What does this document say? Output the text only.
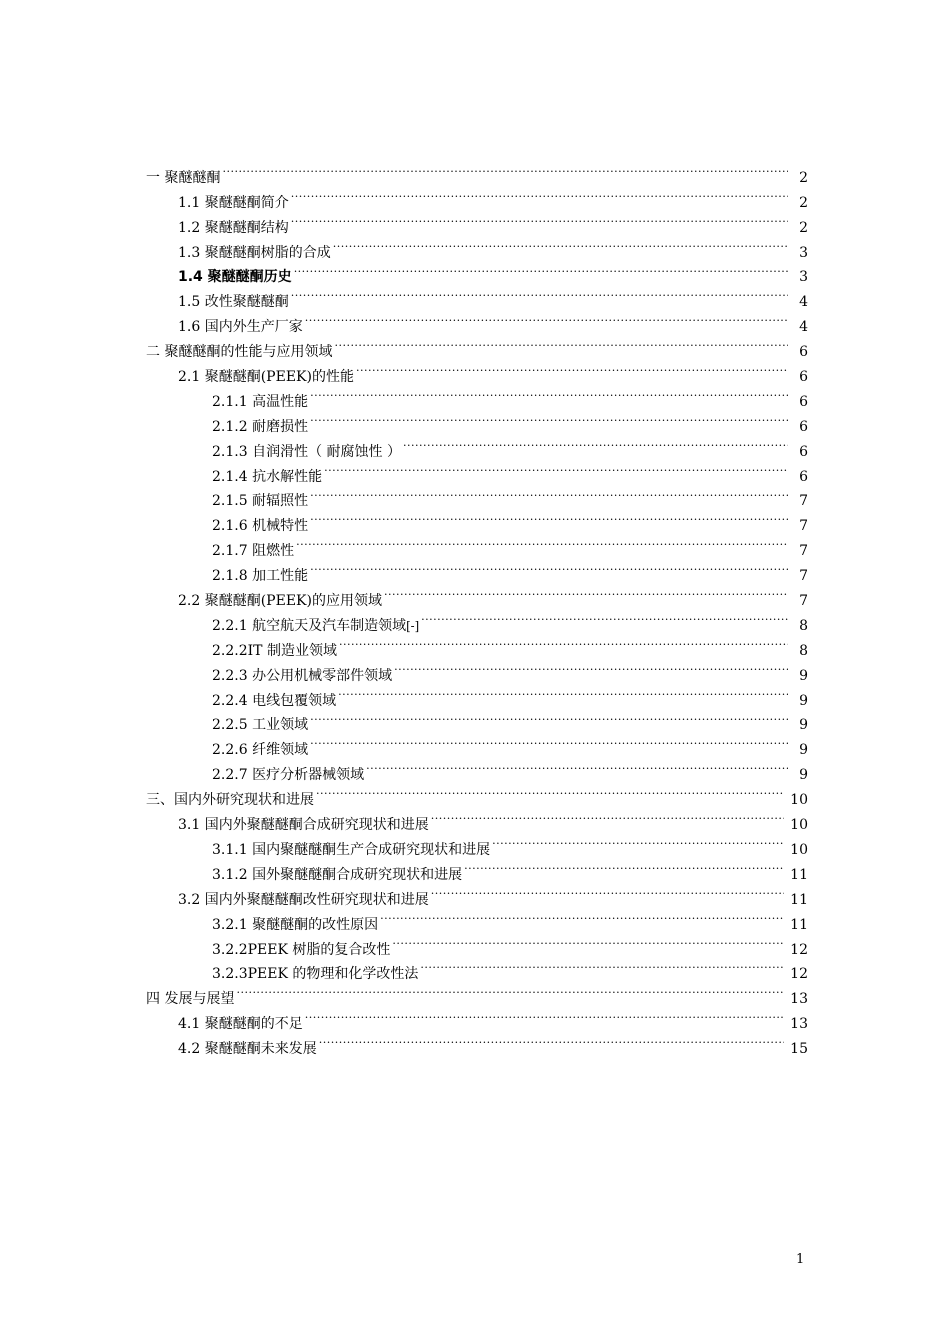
一 聚醚醚酮 .....	2
1.1 聚醚醚酮简介 .....	2
1.2 聚醚醚酮结构 .....	2
1.3 聚醚醚酮树脂的合成 .....	3
1.4 聚醚醚酮历史 .....	3
1.5 改性聚醚醚酮 .....	4
1.6 国内外生产厂家 .....	4
二 聚醚醚酮的性能与应用领域 .....	6
2.1 聚醚醚酮(PEEK)的性能 .....	6
2.1.1 高温性能 .....	6
2.1.2 耐磨损性 .....	6
2.1.3 自润滑性（ 耐腐蚀性 ） .....	6
2.1.4 抗水解性能 .....	6
2.1.5 耐辐照性 .....	7
2.1.6 机械特性 .....	7
2.1.7 阻燃性 .....	7
2.1.8 加工性能 .....	7
2.2 聚醚醚酮(PEEK)的应用领域 .....	7
2.2.1 航空航天及汽车制造领域 [-] .....	8
2.2.2IT 制造业领域 .....	8
2.2.3 办公用机械零部件领域 .....	9
2.2.4 电线包覆领域 .....	9
2.2.5 工业领域 .....	9
2.2.6 纤维领域 .....	9
2.2.7 医疗分析器械领域 .....	9
三、国内外研究现状和进展 .....	10
3.1 国内外聚醚醚酮合成研究现状和进展 .....	10
3.1.1 国内聚醚醚酮生产合成研究现状和进展 .....	10
3.1.2 国外聚醚醚酮合成研究现状和进展 .....	11
3.2 国内外聚醚醚酮改性研究现状和进展 .....	11
3.2.1 聚醚醚酮的改性原因 .....	11
3.2.2PEEK 树脂的复合改性 .....	12
3.2.3PEEK 的物理和化学改性法 .....	12
四 发展与展望 .....	13
4.1 聚醚醚酮的不足 .....	13
4.2 聚醚醚酮未来发展 .....	15
1
